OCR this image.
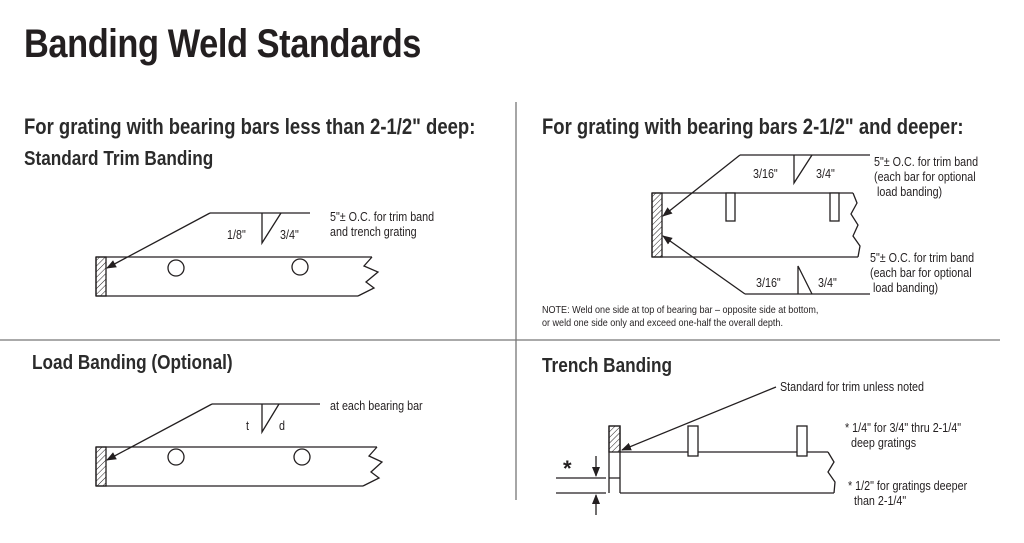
Banding Weld Standards
For grating with bearing bars less than 2-1/2" deep:
Standard Trim Banding
For grating with bearing bars 2-1/2" and deeper:
Load Banding (Optional)	Trench Banding
1/8"	3/4"
5"± O.C. for trim band
and trench grating
t d
at each bearing bar
3/16"	3/4"
5"± O.C. for trim band
(each bar for optional
load banding)
3/16"	3/4"
5"± O.C. for trim band
(each bar for optional
load banding)
NOTE: Weld one side at top of bearing bar – opposite side at bottom,
or weld one side only and exceed one-half the overall depth.
Standard for trim unless noted
*
* 1/4" for 3/4" thru 2-1/4"
deep gratings
* 1/2" for gratings deeper
than 2-1/4"
